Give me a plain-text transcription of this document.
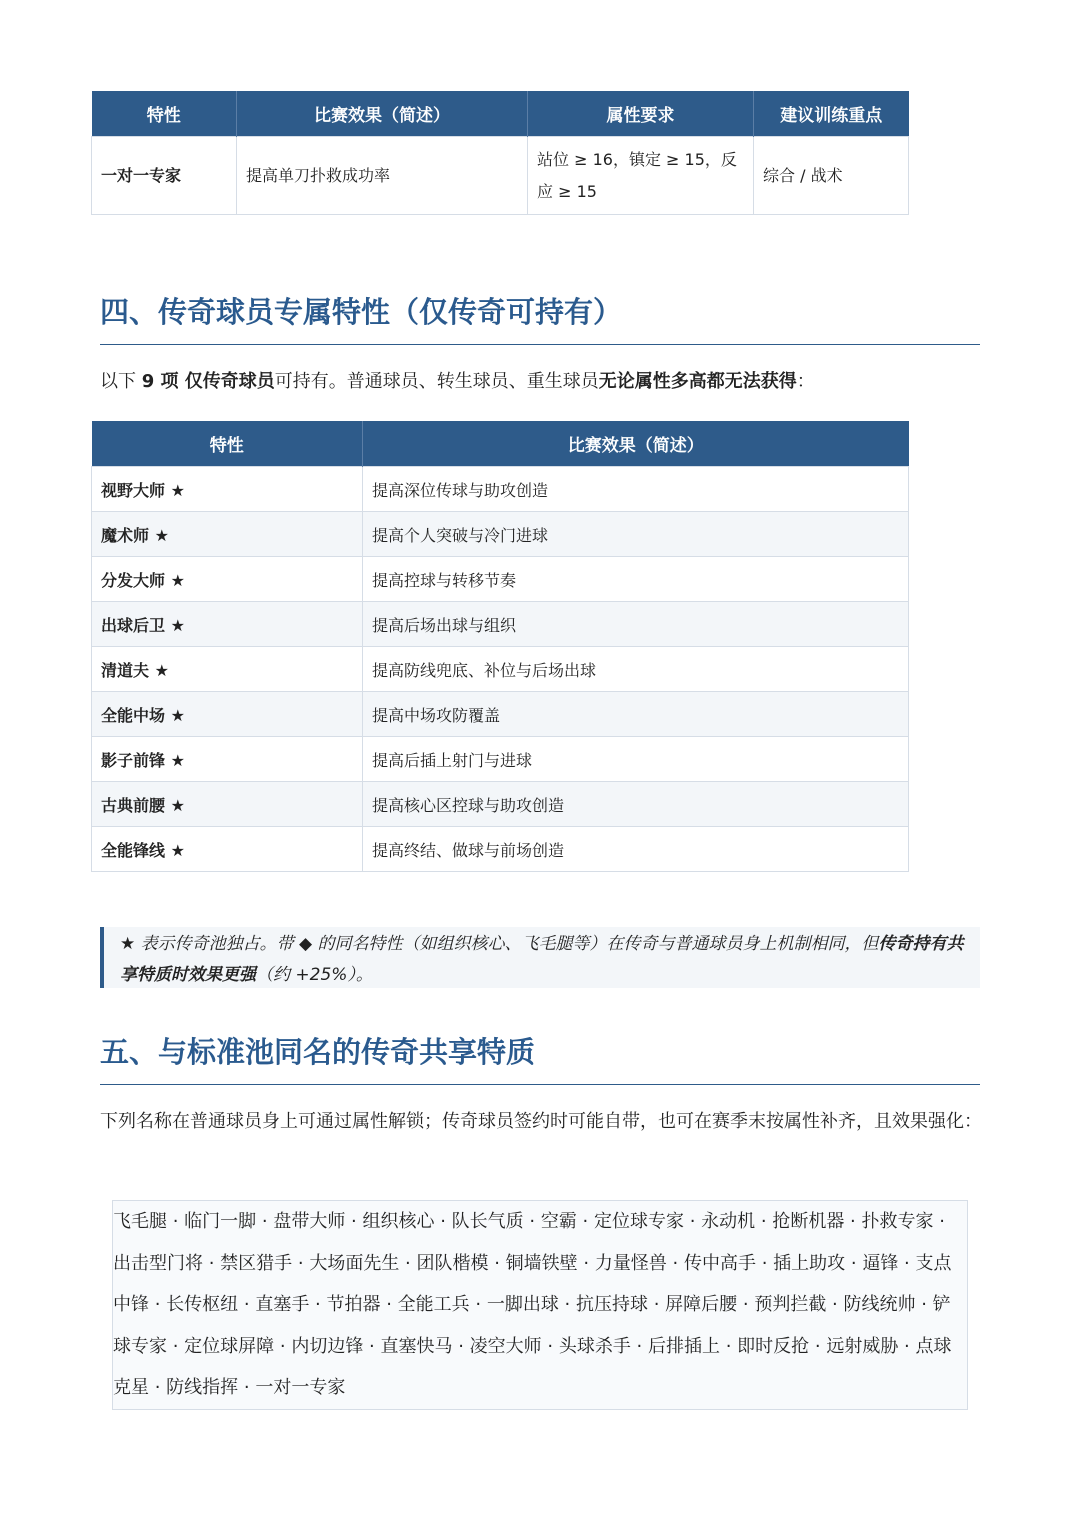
特性	比赛效果（简述）	属性要求	建议训练重点
一对一专家	提高单刀扑救成功率	站位 ≥ 16，镇定 ≥ 15，反应 ≥ 15	综合 / 战术
四、传奇球员专属特性（仅传奇可持有）

以下 9 项 仅传奇球员可持有。普通球员、转生球员、重生球员无论属性多高都无法获得：

特性	比赛效果（简述）
视野大师 ★	提高深位传球与助攻创造
魔术师 ★	提高个人突破与冷门进球
分发大师 ★	提高控球与转移节奏
出球后卫 ★	提高后场出球与组织
清道夫 ★	提高防线兜底、补位与后场出球
全能中场 ★	提高中场攻防覆盖
影子前锋 ★	提高后插上射门与进球
古典前腰 ★	提高核心区控球与助攻创造
全能锋线 ★	提高终结、做球与前场创造
★ 表示传奇池独占。带 ◆ 的同名特性（如组织核心、飞毛腿等）在传奇与普通球员身上机制相同，但传奇持有共享特质时效果更强（约 +25%）。
五、与标准池同名的传奇共享特质

下列名称在普通球员身上可通过属性解锁；传奇球员签约时可能自带，也可在赛季末按属性补齐，且效果强化：

飞毛腿 · 临门一脚 · 盘带大师 · 组织核心 · 队长气质 · 空霸 · 定位球专家 · 永动机 · 抢断机器 · 扑救专家 · 出击型门将 · 禁区猎手 · 大场面先生 · 团队楷模 · 铜墙铁壁 · 力量怪兽 · 传中高手 · 插上助攻 · 逼锋 · 支点中锋 · 长传枢纽 · 直塞手 · 节拍器 · 全能工兵 · 一脚出球 · 抗压持球 · 屏障后腰 · 预判拦截 · 防线统帅 · 铲球专家 · 定位球屏障 · 内切边锋 · 直塞快马 · 凌空大师 · 头球杀手 · 后排插上 · 即时反抢 · 远射威胁 · 点球克星 · 防线指挥 · 一对一专家
